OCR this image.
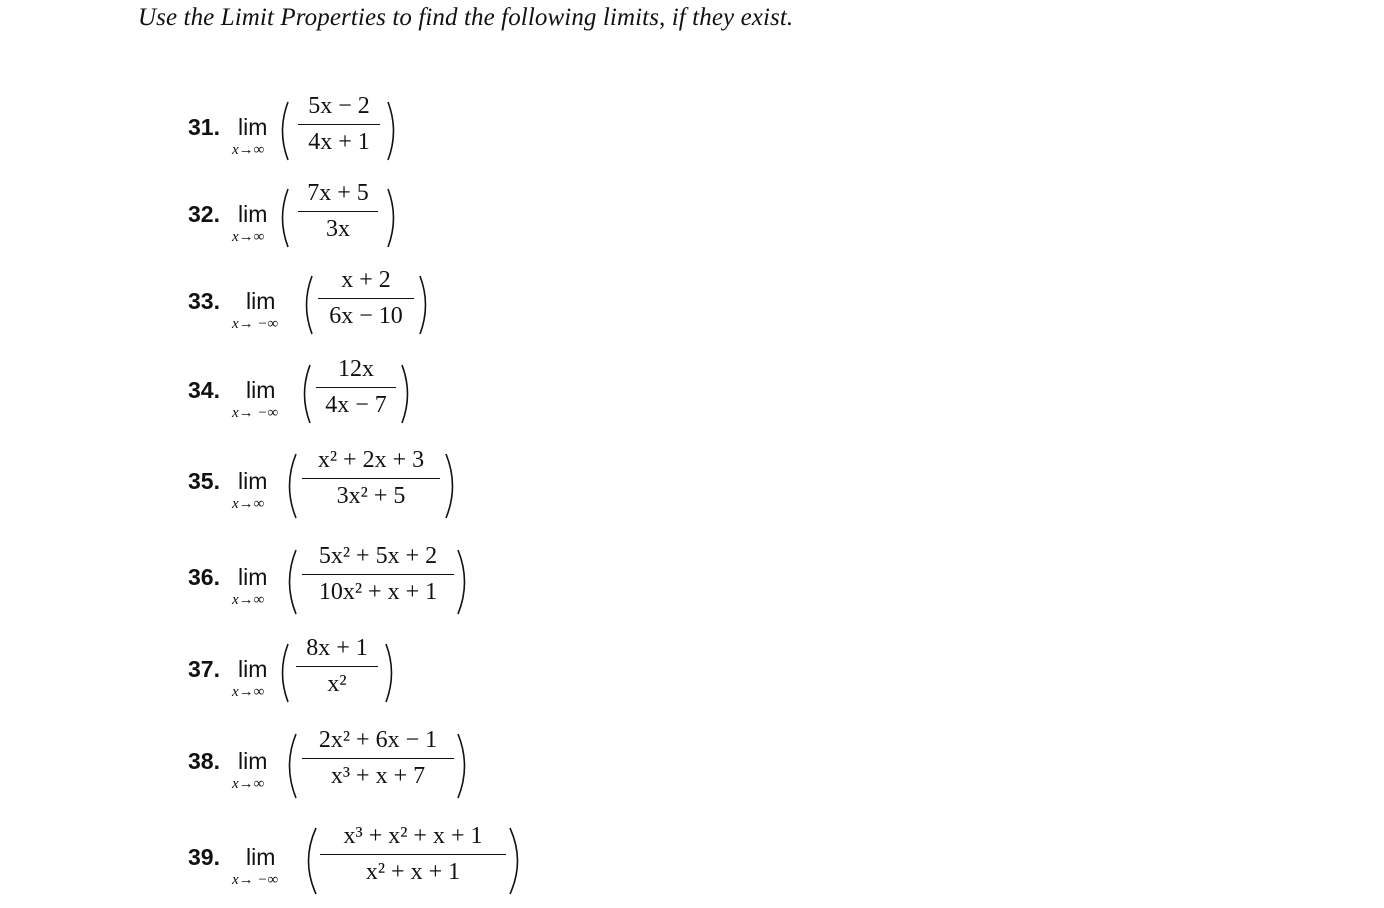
Use the Limit Properties to find the following limits, if they exist.
31. lim
x→∞
5x − 2
4x + 1
32. lim
x→∞
7x + 5
3x
33. lim
x→ −∞
x + 2
6x − 10
34. lim
x→ −∞
12x
4x − 7
35. lim
x→∞
x² + 2x + 3
3x² + 5
36. lim
x→∞
5x² + 5x + 2
10x² + x + 1
37. lim
x→∞
8x + 1
x²
38. lim
x→∞
2x² + 6x − 1
x³ + x + 7
39. lim
x→ −∞
x³ + x² + x + 1
x² + x + 1
